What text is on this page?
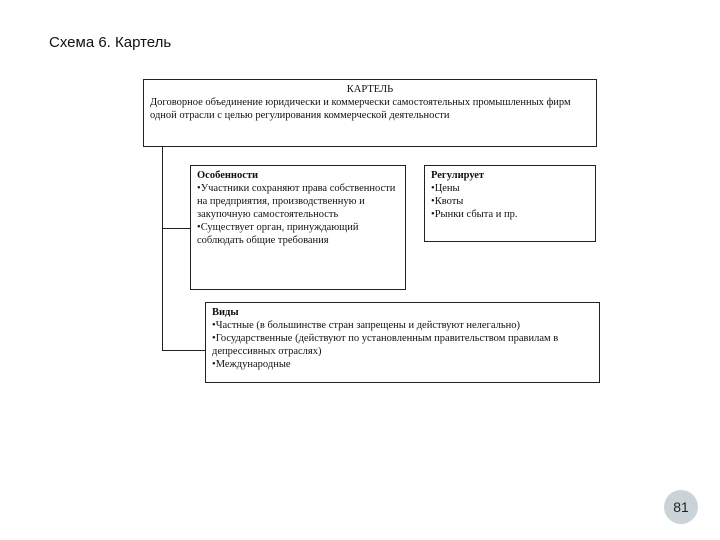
Схема 6. Картель
КАРТЕЛЬ
Договорное объединение юридически и коммерчески самостоятельных промышленных фирм одной отрасли с целью регулирования коммерческой деятельности
Особенности
• Участники сохраняют права собственности на предприятия, производственную и закупочную самостоятельность
• Существует орган, принуждающий соблюдать общие требования
Регулирует
• Цены
• Квоты
• Рынки сбыта и пр.
Виды
• Частные (в большинстве стран запрещены и действуют нелегально)
• Государственные (действуют по установленным правительством правилам в депрессивных отраслях)
• Международные
81
